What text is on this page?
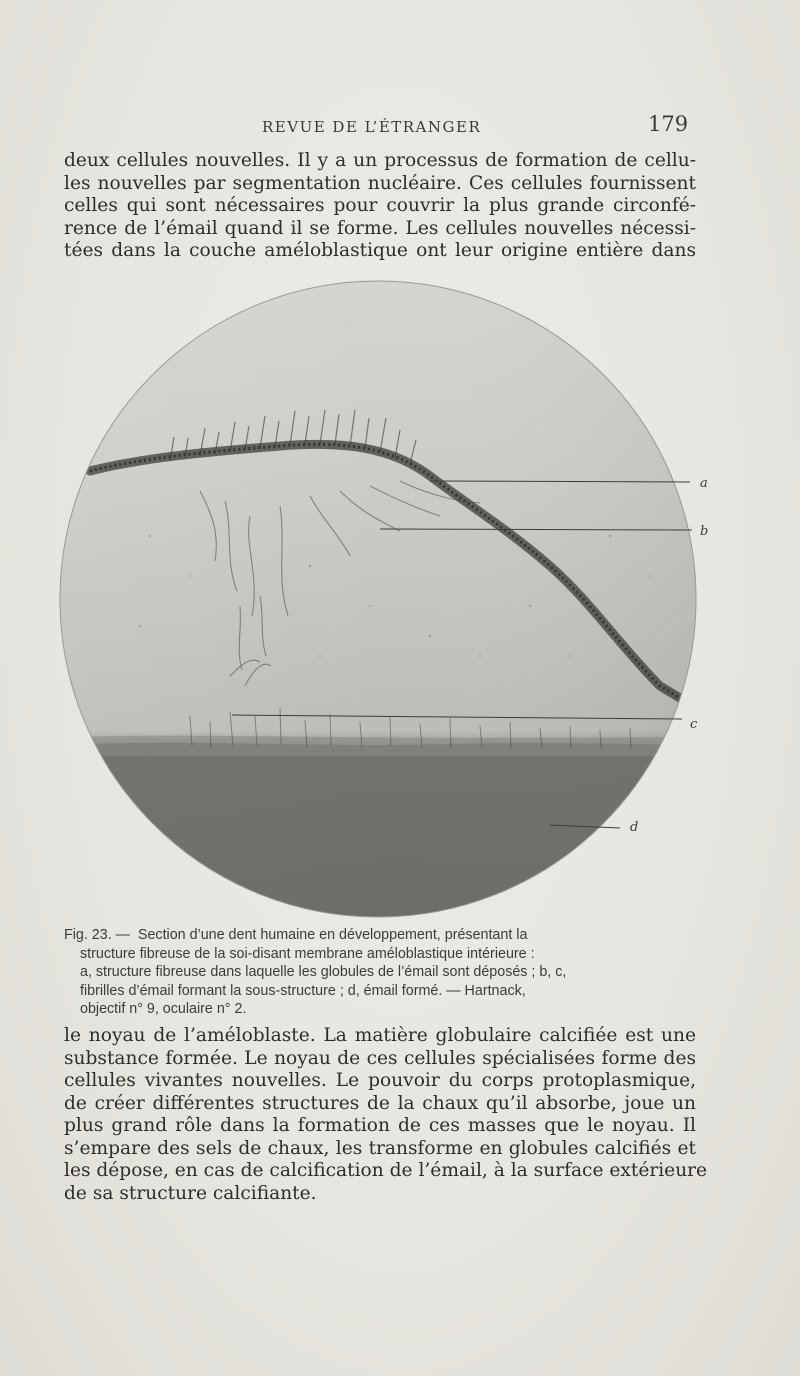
REVUE DE L’ÉTRANGER	179
deux cellules nouvelles. Il y a un processus de formation de cellu-
les nouvelles par segmentation nucléaire. Ces cellules fournissent
celles qui sont nécessaires pour couvrir la plus grande circonfé-
rence de l’émail quand il se forme. Les cellules nouvelles nécessi-
tées dans la couche améloblastique ont leur origine entière dans
a
b
c
d
Fig. 23. — Section d’une dent humaine en développement, présentant la
structure fibreuse de la soi-disant membrane améloblastique intérieure :
a, structure fibreuse dans laquelle les globules de l’émail sont déposés ; b, c,
fibrilles d’émail formant la sous-structure ; d, émail formé. — Hartnack,
objectif n° 9, oculaire n° 2.
le noyau de l’améloblaste. La matière globulaire calcifiée est une
substance formée. Le noyau de ces cellules spécialisées forme des
cellules vivantes nouvelles. Le pouvoir du corps protoplasmique,
de créer différentes structures de la chaux qu’il absorbe, joue un
plus grand rôle dans la formation de ces masses que le noyau. Il
s’empare des sels de chaux, les transforme en globules calcifiés et
les dépose, en cas de calcification de l’émail, à la surface extérieure
de sa structure calcifiante.
